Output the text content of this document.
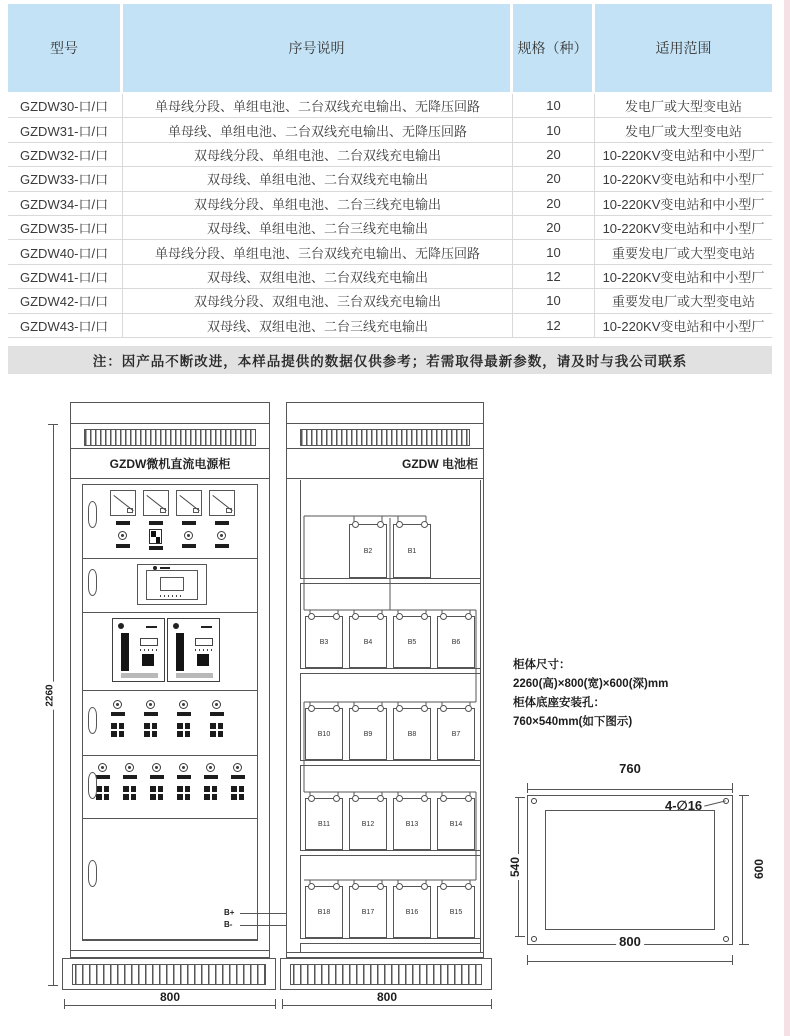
型号	序号说明	规格（种）	适用范围
GZDW30-口/口	单母线分段、单组电池、二台双线充电输出、无降压回路	10	发电厂或大型变电站
GZDW31-口/口	单母线、单组电池、二台双线充电输出、无降压回路	10	发电厂或大型变电站
GZDW32-口/口	双母线分段、单组电池、二台双线充电输出	20	10-220KV变电站和中小型厂
GZDW33-口/口	双母线、单组电池、二台双线充电输出	20	10-220KV变电站和中小型厂
GZDW34-口/口	双母线分段、单组电池、二台三线充电输出	20	10-220KV变电站和中小型厂
GZDW35-口/口	双母线、单组电池、二台三线充电输出	20	10-220KV变电站和中小型厂
GZDW40-口/口	单母线分段、单组电池、三台双线充电输出、无降压回路	10	重要发电厂或大型变电站
GZDW41-口/口	双母线、双组电池、二台双线充电输出	12	10-220KV变电站和中小型厂
GZDW42-口/口	双母线分段、双组电池、三台双线充电输出	10	重要发电厂或大型变电站
GZDW43-口/口	双母线、双组电池、二台三线充电输出	12	10-220KV变电站和中小型厂
注：因产品不断改进，本样品提供的数据仅供参考；若需取得最新参数，请及时与我公司联系
2260
GZDW微机直流电源柜
B+
B-
800
GZDW 电池柜
B2	B1
B3	B4	B5	B6
B10	B9	B8	B7
B11	B12	B13	B14
B18	B17	B16	B15
800
柜体尺寸：
2260(高)×800(宽)×600(深)mm
柜体底座安装孔：
760×540mm(如下图示)
760
4-∅16
540	600
800
